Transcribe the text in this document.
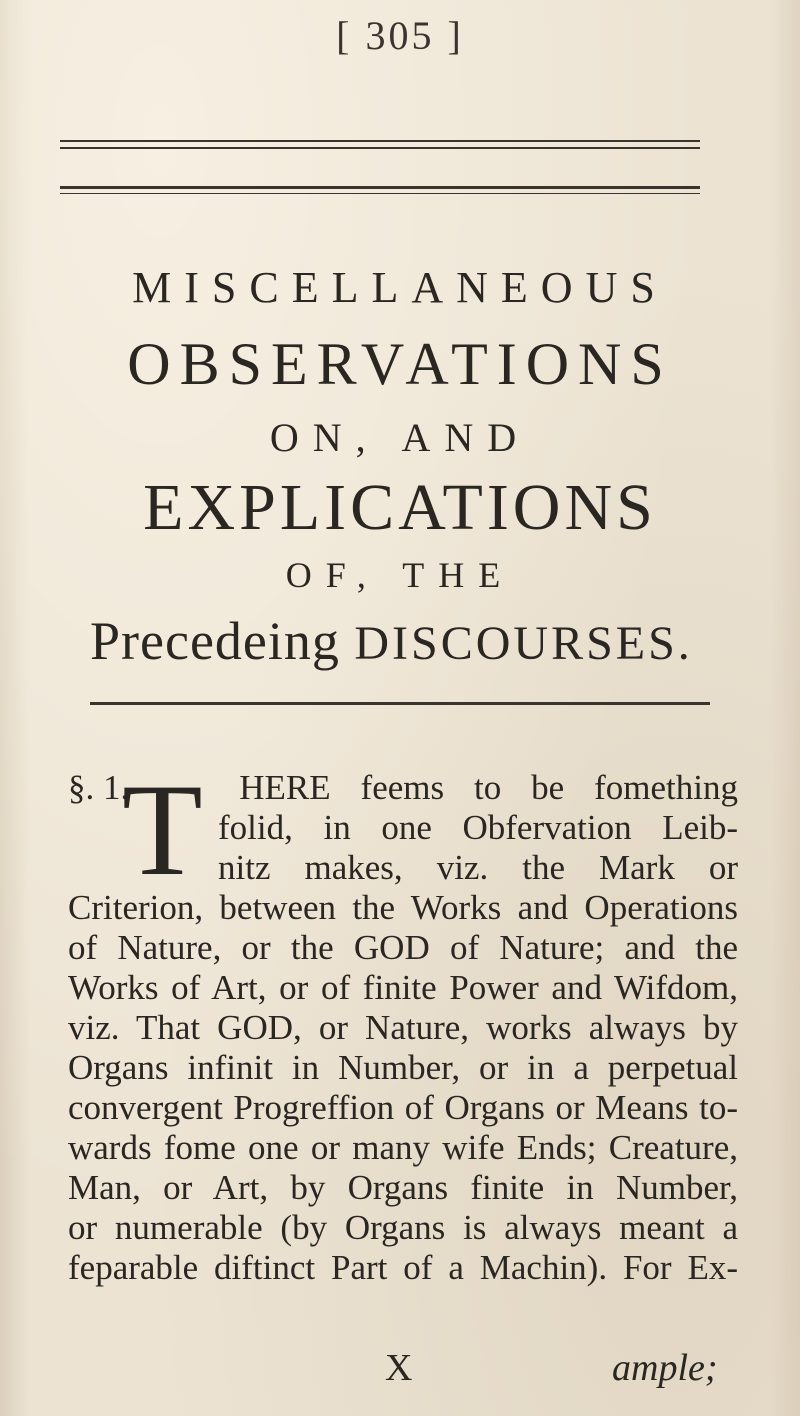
[ 305 ]
MISCELLANEOUS
OBSERVATIONS
ON, AND
EXPLICATIONS
OF, THE
Precedeing DISCOURSES.
T
§. 1.	HERE feems to be fomething
folid, in one Obfervation Leib-
nitz makes, viz. the Mark or
Criterion, between the Works and Operations
of Nature, or the GOD of Nature; and the
Works of Art, or of finite Power and Wifdom,
viz. That GOD, or Nature, works always by
Organs infinit in Number, or in a perpetual
convergent Progreffion of Organs or Means to-
wards fome one or many wife Ends; Creature,
Man, or Art, by Organs finite in Number,
or numerable (by Organs is always meant a
feparable diftinct Part of a Machin). For Ex-
X	ample;
